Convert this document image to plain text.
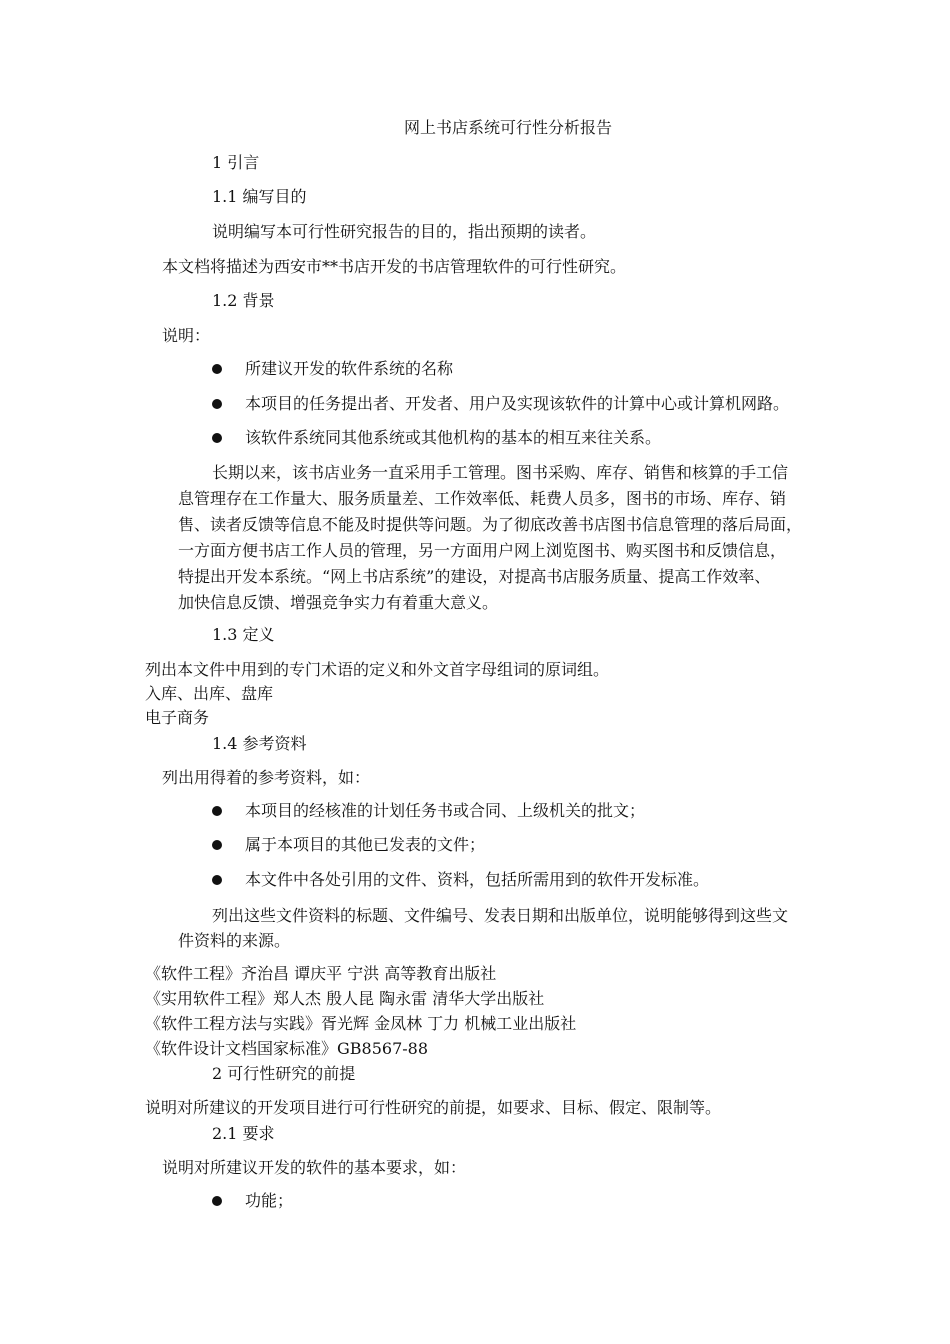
网上书店系统可行性分析报告
1 引言
1.1 编写目的
说明编写本可行性研究报告的目的，指出预期的读者。
本文档将描述为西安市**书店开发的书店管理软件的可行性研究。
1.2 背景
说明：
所建议开发的软件系统的名称
本项目的任务提出者、开发者、用户及实现该软件的计算中心或计算机网路。
该软件系统同其他系统或其他机构的基本的相互来往关系。
长期以来，该书店业务一直采用手工管理。图书采购、库存、销售和核算的手工信
息管理存在工作量大、服务质量差、工作效率低、耗费人员多，图书的市场、库存、销
售、读者反馈等信息不能及时提供等问题。为了彻底改善书店图书信息管理的落后局面，
一方面方便书店工作人员的管理，另一方面用户网上浏览图书、购买图书和反馈信息，
特提出开发本系统。“网上书店系统”的建设，对提高书店服务质量、提高工作效率、
加快信息反馈、增强竞争实力有着重大意义。
1.3 定义
列出本文件中用到的专门术语的定义和外文首字母组词的原词组。
入库、出库、盘库
电子商务
1.4 参考资料
列出用得着的参考资料，如：
本项目的经核准的计划任务书或合同、上级机关的批文；
属于本项目的其他已发表的文件；
本文件中各处引用的文件、资料，包括所需用到的软件开发标准。
列出这些文件资料的标题、文件编号、发表日期和出版单位，说明能够得到这些文
件资料的来源。
《软件工程》齐治昌 谭庆平 宁洪 高等教育出版社
《实用软件工程》郑人杰 殷人昆 陶永雷 清华大学出版社
《软件工程方法与实践》胥光辉 金凤林 丁力 机械工业出版社
《软件设计文档国家标准》GB8567-88
2 可行性研究的前提
说明对所建议的开发项目进行可行性研究的前提，如要求、目标、假定、限制等。
2.1 要求
说明对所建议开发的软件的基本要求，如：
功能；
